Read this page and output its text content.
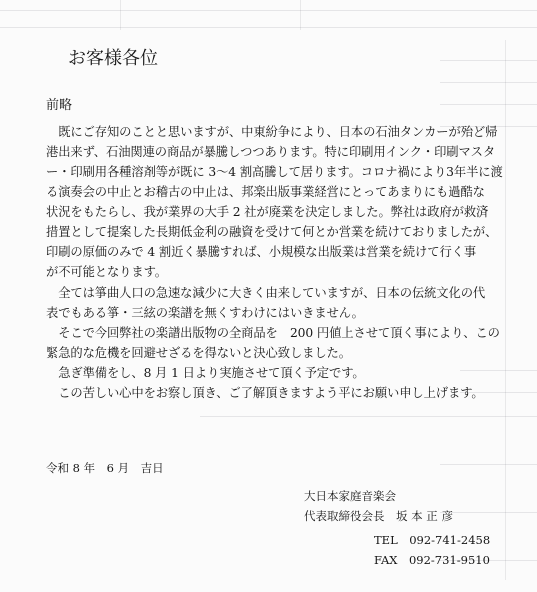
お客様各位

前略

　既にご存知のことと思いますが、中東紛争により、日本の石油タンカーが殆ど帰

港出来ず、石油関連の商品が暴騰しつつあります。特に印刷用インク・印刷マスタ

ー・印刷用各種溶剤等が既に 3～4 割高騰して居ります。コロナ禍により3年半に渡

る演奏会の中止とお稽古の中止は、邦楽出版事業経営にとってあまりにも過酷な

状況をもたらし、我が業界の大手 2 社が廃業を決定しました。弊社は政府が救済

措置として提案した長期低金利の融資を受けて何とか営業を続けておりましたが、

印刷の原価のみで 4 割近く暴騰すれば、小規模な出版業は営業を続けて行く事

が不可能となります。

　全ては箏曲人口の急速な減少に大きく由来していますが、日本の伝統文化の代

表でもある箏・三絃の楽譜を無くすわけにはいきません。

　そこで今回弊社の楽譜出版物の全商品を　200 円値上させて頂く事により、この

緊急的な危機を回避せざるを得ないと決心致しました。

　急ぎ準備をし、8 月 1 日より実施させて頂く予定です。

　この苦しい心中をお察し頂き、ご了解頂きますよう平にお願い申し上げます。

令和 8 年　6 月　吉日

大日本家庭音楽会

代表取締役会長　坂 本 正 彦

TEL　092-741-2458

FAX　092-731-9510
